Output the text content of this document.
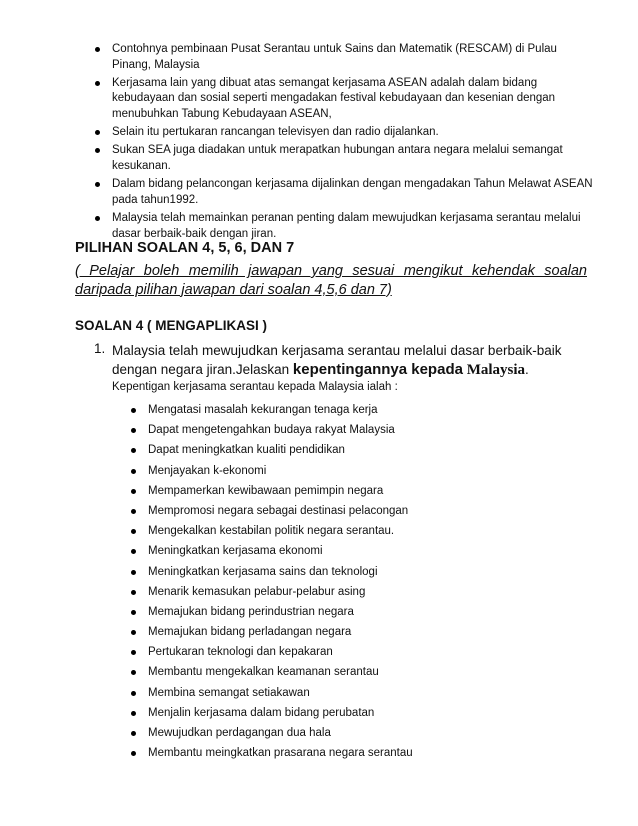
Contohnya pembinaan Pusat Serantau untuk Sains dan Matematik (RESCAM) di Pulau Pinang, Malaysia
Kerjasama lain yang dibuat atas semangat kerjasama ASEAN adalah dalam bidang kebudayaan dan sosial seperti mengadakan festival kebudayaan dan kesenian dengan menubuhkan Tabung Kebudayaan ASEAN,
Selain itu pertukaran rancangan televisyen dan radio dijalankan.
Sukan SEA juga diadakan untuk merapatkan hubungan antara negara melalui semangat kesukanan.
Dalam bidang pelancongan kerjasama dijalinkan dengan mengadakan Tahun Melawat ASEAN pada tahun1992.
Malaysia telah memainkan peranan penting dalam mewujudkan kerjasama serantau melalui dasar berbaik-baik dengan jiran.
PILIHAN SOALAN 4, 5, 6, DAN 7
( Pelajar boleh memilih jawapan yang sesuai mengikut kehendak soalan daripada pilihan jawapan dari soalan 4,5,6 dan 7)
SOALAN 4 ( MENGAPLIKASI )
1. Malaysia telah mewujudkan kerjasama serantau melalui dasar berbaik-baik dengan negara jiran.Jelaskan kepentingannya kepada Malaysia.
Kepentigan kerjasama serantau kepada Malaysia ialah :
Mengatasi masalah kekurangan tenaga kerja
Dapat mengetengahkan budaya rakyat Malaysia
Dapat meningkatkan kualiti pendidikan
Menjayakan k-ekonomi
Mempamerkan kewibawaan pemimpin negara
Mempromosi negara sebagai destinasi pelacongan
Mengekalkan kestabilan politik negara serantau.
Meningkatkan kerjasama ekonomi
Meningkatkan kerjasama sains dan teknologi
Menarik kemasukan pelabur-pelabur asing
Memajukan bidang perindustrian negara
Memajukan bidang perladangan negara
Pertukaran teknologi dan kepakaran
Membantu mengekalkan keamanan serantau
Membina semangat setiakawan
Menjalin kerjasama dalam bidang perubatan
Mewujudkan perdagangan dua hala
Membantu meingkatkan prasarana negara serantau
